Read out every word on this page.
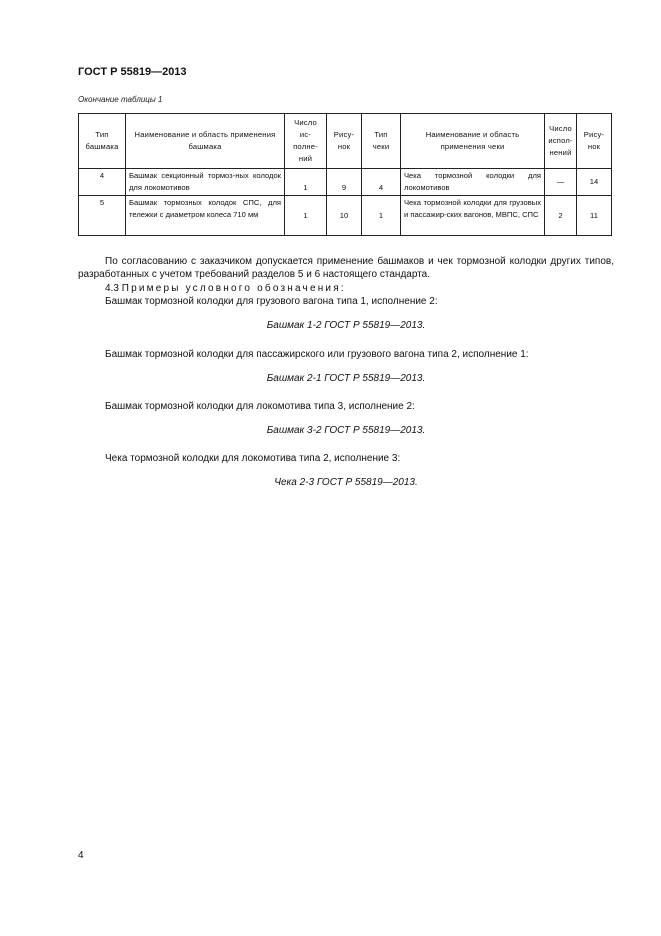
ГОСТ Р 55819—2013
Окончание таблицы 1
Тип башмака	Наименование и область применения башмака	Число ис-полне-ний	Рису-нок	Тип чеки	Наименование и область применения чеки	Число испол-нений	Рису-нок
4	Башмак секционный тормоз-ных колодок для локомотивов	1	9	4	Чека тормозной колодки для локомотивов	—	14
5	Башмак тормозных колодок СПС, для тележки с диаметром колеса 710 мм	1	10	1	Чека тормозной колодки для грузовых и пассажир-ских вагонов, МВПС, СПС	2	11
По согласованию с заказчиком допускается применение башмаков и чек тормозной колодки других типов, разработанных с учетом требований разделов 5 и 6 настоящего стандарта.
4.3 Примеры условного обозначения:
Башмак тормозной колодки для грузового вагона типа 1, исполнение 2:
Башмак 1-2 ГОСТ Р 55819—2013.
Башмак тормозной колодки для пассажирского или грузового вагона типа 2, исполнение 1:
Башмак 2-1 ГОСТ Р 55819—2013.
Башмак тормозной колодки для локомотива типа 3, исполнение 2:
Башмак 3-2 ГОСТ Р 55819—2013.
Чека тормозной колодки для локомотива типа 2, исполнение 3:
Чека 2-3 ГОСТ Р 55819—2013.
4
